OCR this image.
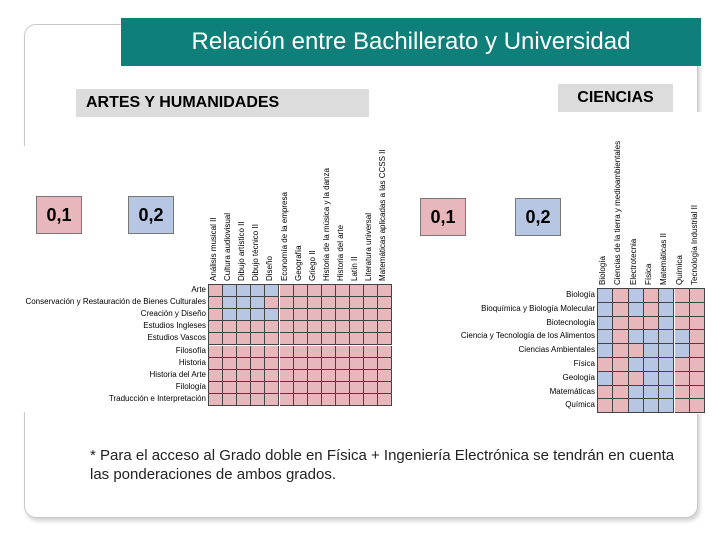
Relación entre Bachillerato y Universidad
ARTES Y HUMANIDADES
0,1	0,2
Análisis musical II Cultura audiovisual Dibujo artístico II Dibujo técnico II Diseño Economía de la empresa Geografía Griego II Historia de la música y la danza Historia del arte Latín II Literatura universal Matemáticas aplicadas a las CCSS II
Arte
Conservación y Restauración de Bienes Culturales
Creación y Diseño
Estudios Ingleses
Estudios Vascos
Filosofía
Historia
Historia del Arte
Filología
Traducción e Interpretación
CIENCIAS
0,1	0,2
Biología Ciencias de la tierra y medioambientales Electrotecnia Física Matemáticas II Química Tecnología Industrial II
Biología
Bioquímica y Biología Molecular
Biotecnología
Ciencia y Tecnología de los Alimentos
Ciencias Ambientales
Física
Geología
Matemáticas
Química
* Para el acceso al Grado doble en Física + Ingeniería Electrónica se tendrán en cuenta las ponderaciones de ambos grados.
